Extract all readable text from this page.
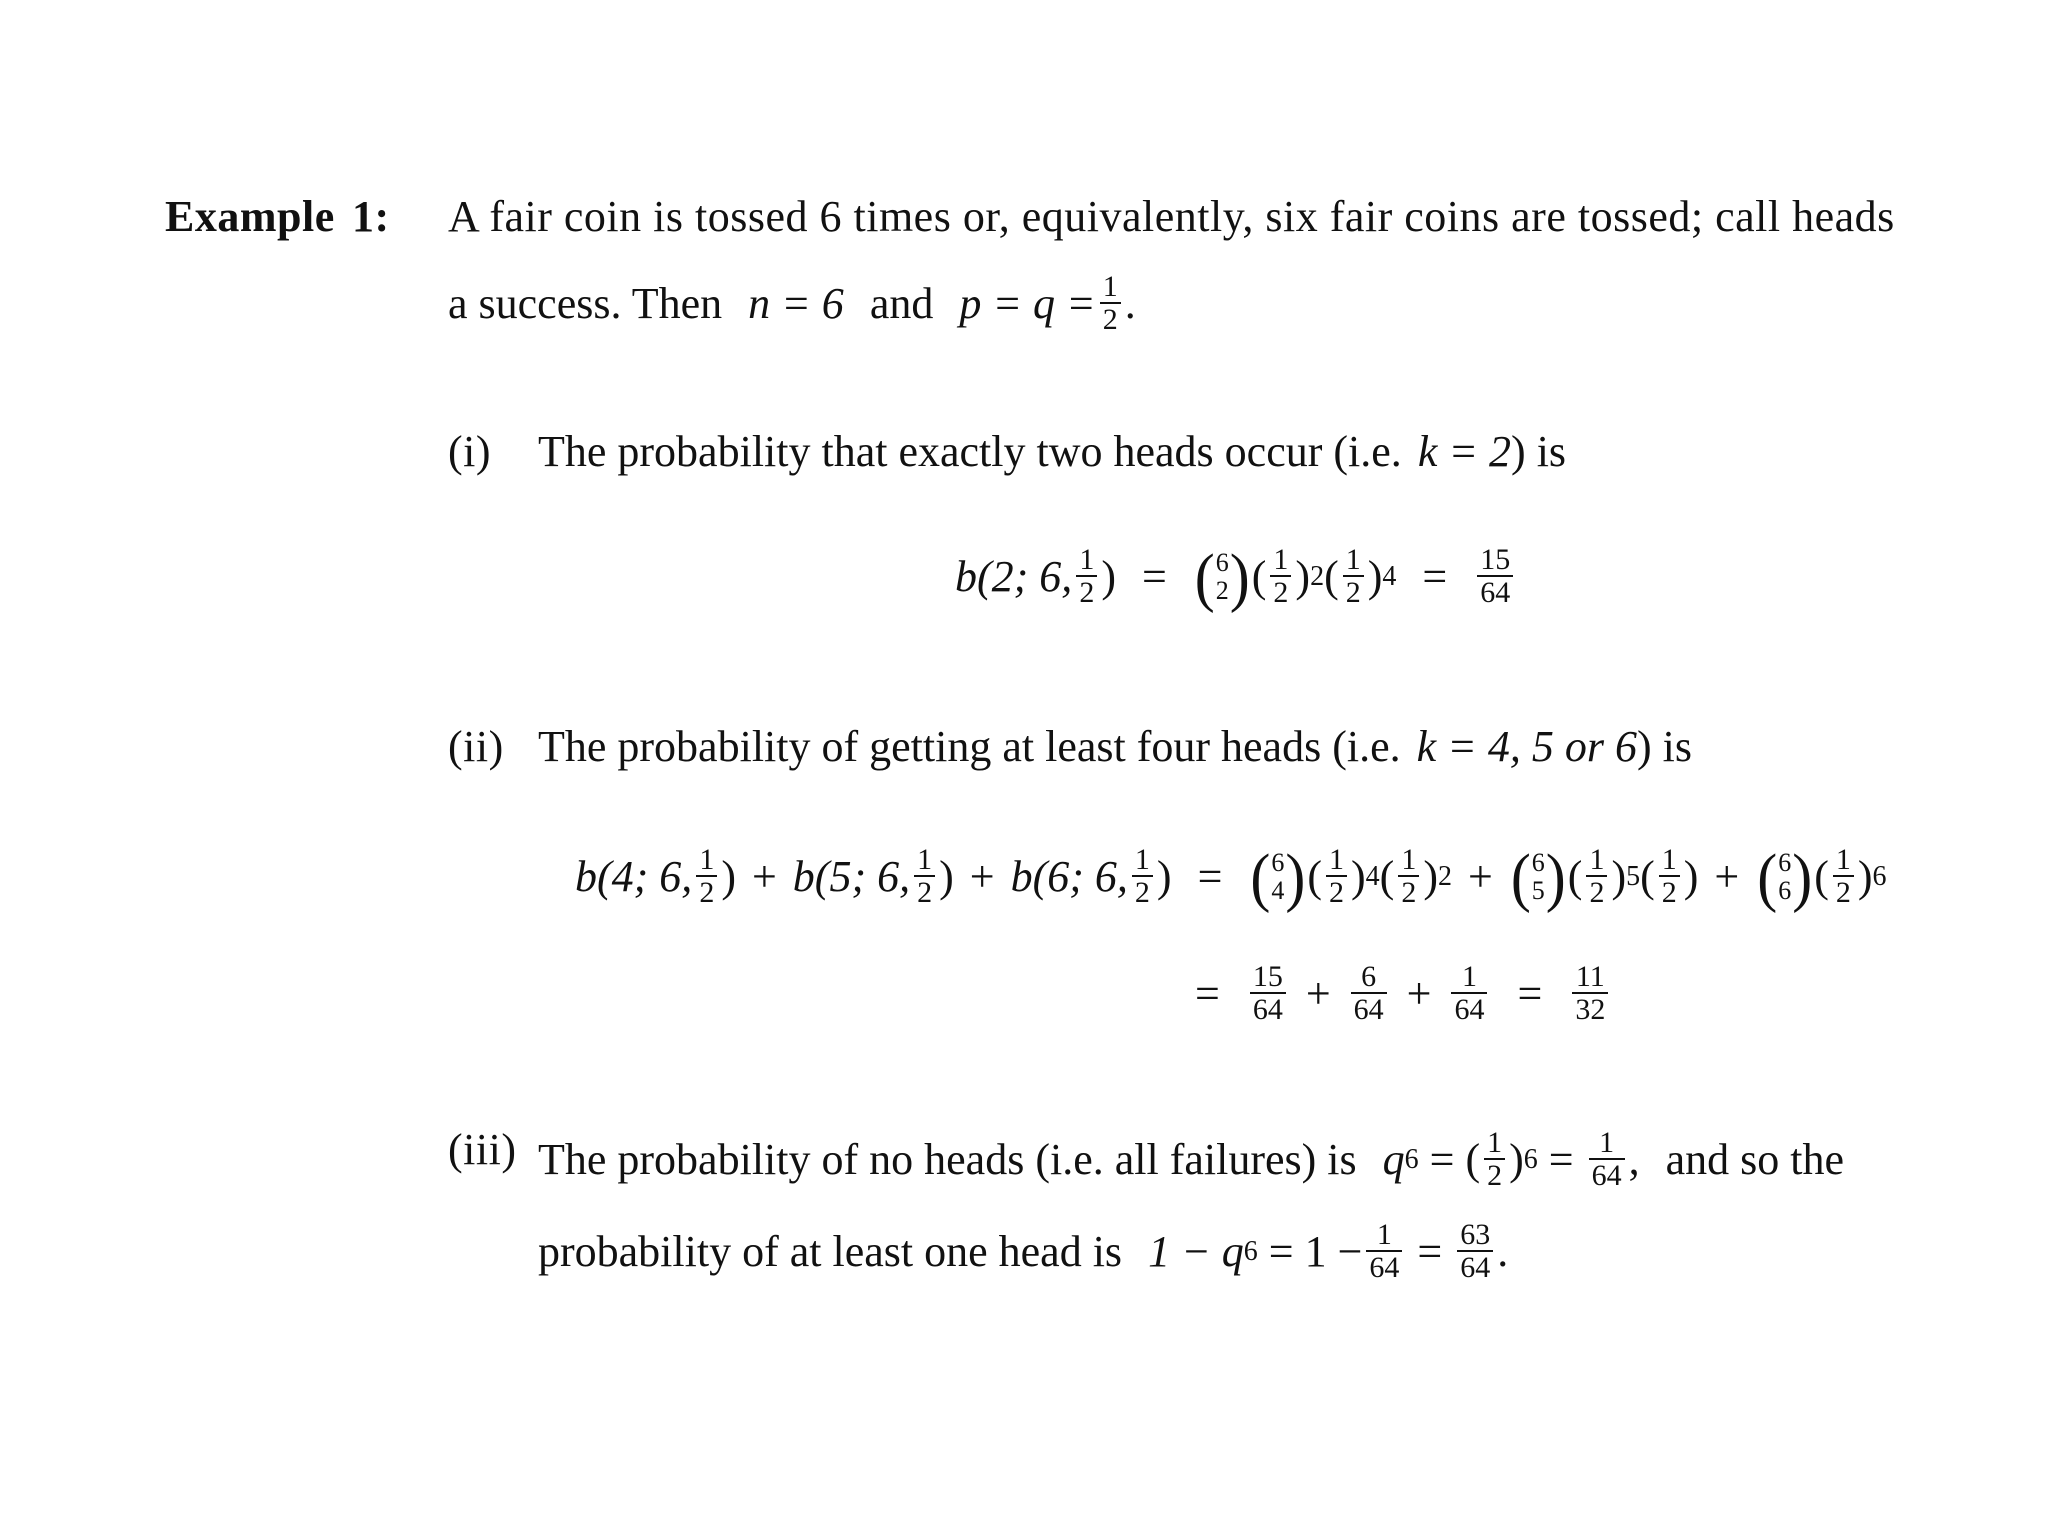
Example 1: A fair coin is tossed 6 times or, equivalently, six fair coins are tossed; call heads
a success. Then n = 6 and $p = q = \frac{1}{2}$ .
(i) The probability that exactly two heads occur (i.e. k = 2 ) is
b(2; 6, $\frac{1}{2}$ ) = ( 6
2 ) ( $\frac{1}{2}$ ) 2 ( $\frac{1}{2}$ ) $4 = \frac{15}{64}$
(ii) The probability of getting at least four heads (i.e. k = 4, 5 or 6 ) is
b(4; 6, $\frac{1}{2}$ ) + b(5; 6, $\frac{1}{2}$ ) + b(6; 6, $\frac{1}{2}$ ) = ( 6
4 ) ( $\frac{1}{2}$ ) 4 ( $\frac{1}{2}$ ) 2 + ( 6
5 ) ( $\frac{1}{2}$ ) 5 ( $\frac{1}{2}$ ) + ( 6
6 ) ( $\frac{1}{2}$ ) 6
= $\frac{15}{64} + \frac{6}{64} + \frac{1}{64} = \frac{11}{32}$
(iii) The probability of no heads (i.e. all failures) is q 6 = ( $\frac{1}{2}$ ) $6 = \frac{1}{64}$ , and so the
probability of at least one head is 1 − q 6
= $1 - \frac{1}{64} = \frac{63}{64}$ .
